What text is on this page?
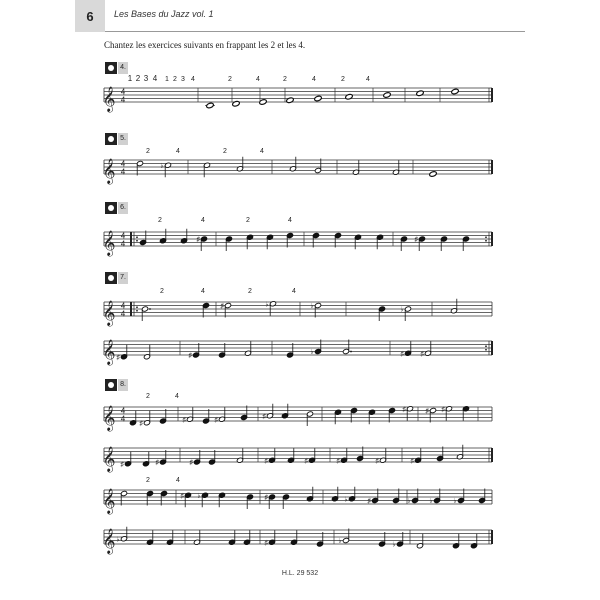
6	Les Bases du Jazz vol. 1
Chantez les exercices suivants en frappant les 2 et les 4.
4.
5.
6.
7.
8.
𝄞 4
4
1 2 3 4 1 2 3 4	2	4	2	4	2	4
𝄞 4
4
2	4	2	4
♭
𝄞 4
4
2	4	2	4
♯	♯
𝄞 4
4
2	4	2	4
♯	♭	♭	♭
𝄞 ♯	♯	♭	♯ ♯
𝄞 4
4
2	4
♯	♯	♯	♯
♯	♯ ♯
𝄞 ♯	♯	♯	♯	♯	♯	♯	♯
𝄞
2	4
♯ ♭	♯	♭	♯	♭	♭	♭
𝄞 ♭	♯	♭	♭
H.L. 29 532
